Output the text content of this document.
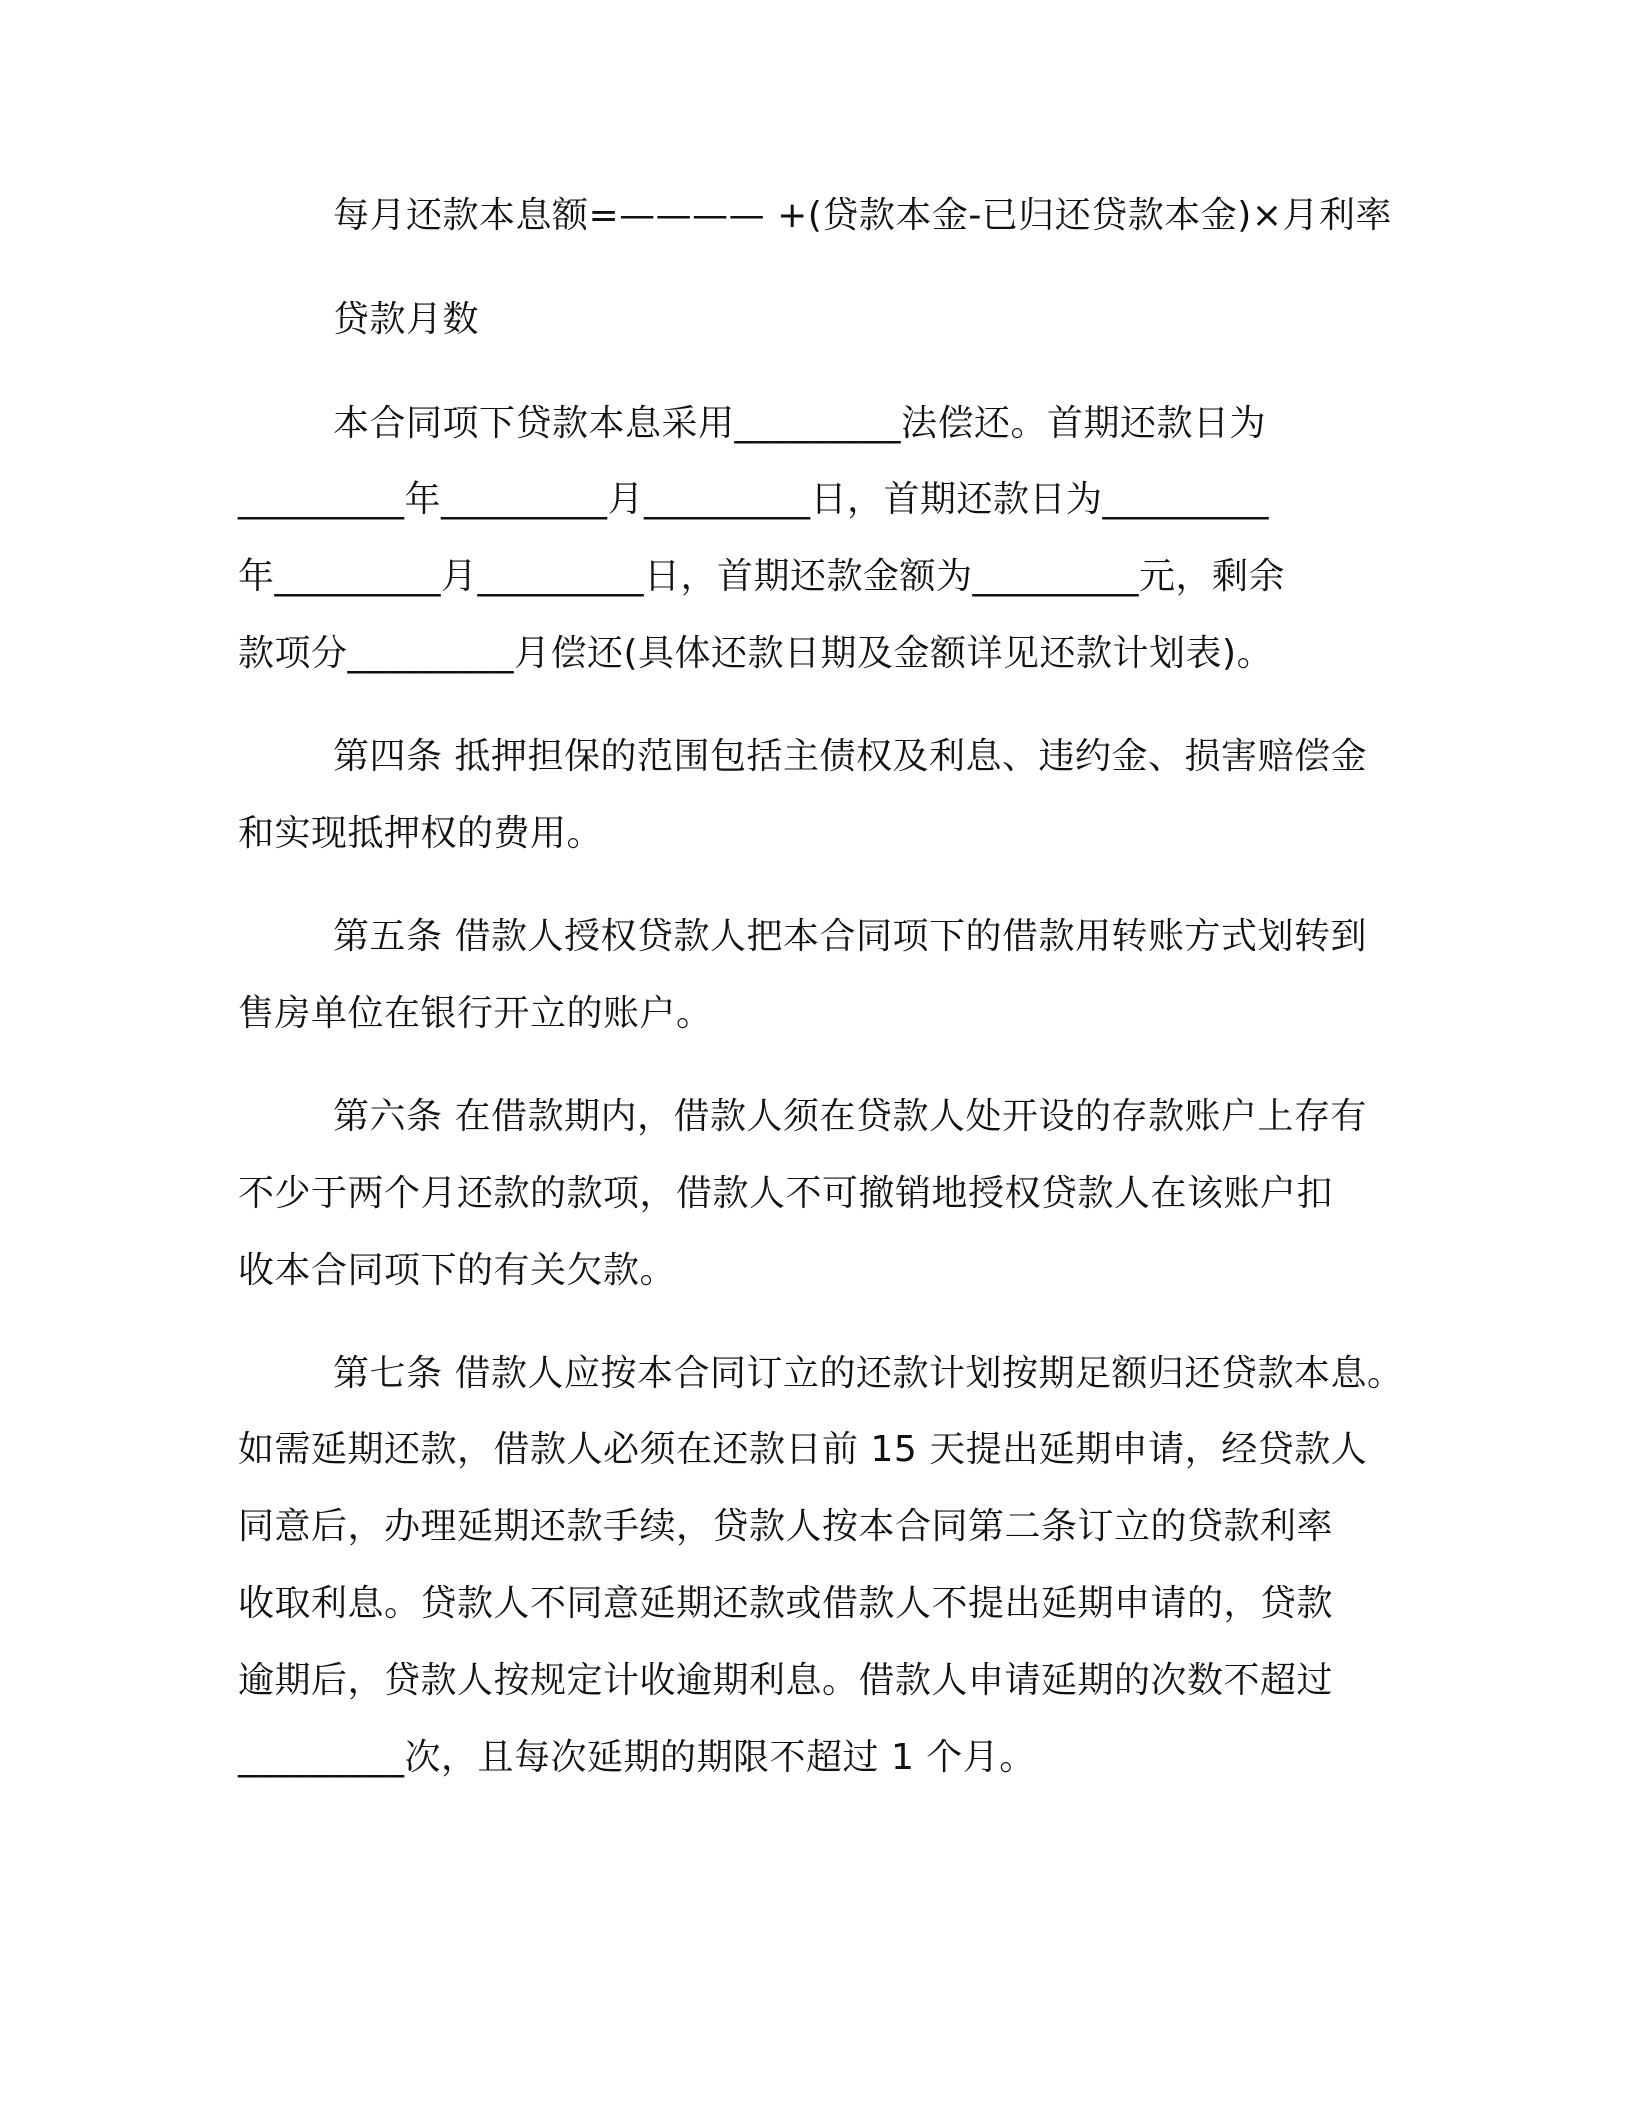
每月还款本息额=———— +(贷款本金-已归还贷款本金)×月利率
贷款月数
本合同项下贷款本息采用_________法偿还。首期还款日为
_________年_________月_________日，首期还款日为_________
年_________月_________日，首期还款金额为_________元，剩余
款项分_________月偿还(具体还款日期及金额详见还款计划表)。
第四条 抵押担保的范围包括主债权及利息、违约金、损害赔偿金
和实现抵押权的费用。
第五条 借款人授权贷款人把本合同项下的借款用转账方式划转到
售房单位在银行开立的账户。
第六条 在借款期内，借款人须在贷款人处开设的存款账户上存有
不少于两个月还款的款项，借款人不可撤销地授权贷款人在该账户扣
收本合同项下的有关欠款。
第七条 借款人应按本合同订立的还款计划按期足额归还贷款本息。
如需延期还款，借款人必须在还款日前 15 天提出延期申请，经贷款人
同意后，办理延期还款手续，贷款人按本合同第二条订立的贷款利率
收取利息。贷款人不同意延期还款或借款人不提出延期申请的，贷款
逾期后，贷款人按规定计收逾期利息。借款人申请延期的次数不超过
_________次，且每次延期的期限不超过 1 个月。
